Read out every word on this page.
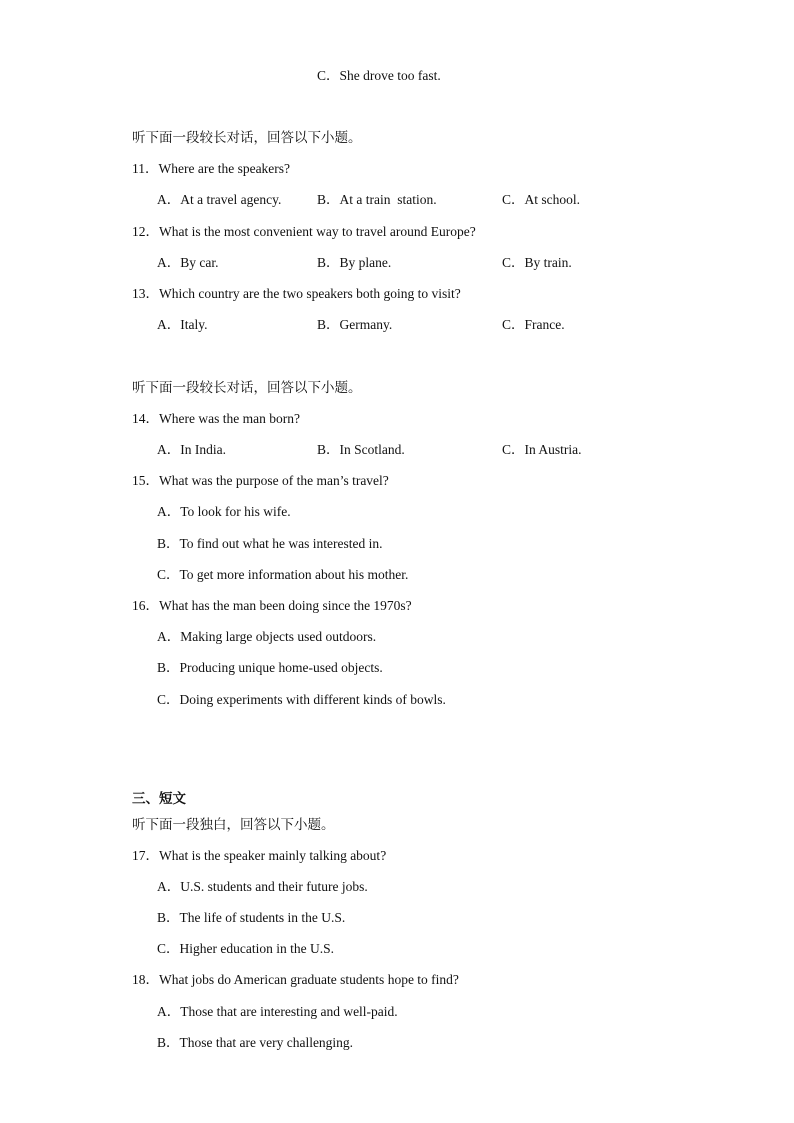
C．She drove too fast.
听下面一段较长对话，回答以下小题。
11．Where are the speakers?
A．At a travel agency.	B．At a train  station.	C．At school.
12．What is the most convenient way to travel around Europe?
A．By car.	B．By plane.	C．By train.
13．Which country are the two speakers both going to visit?
A．Italy.	B．Germany.	C．France.
听下面一段较长对话，回答以下小题。
14．Where was the man born?
A．In India.	B．In Scotland.	C．In Austria.
15．What was the purpose of the man’s travel?
A．To look for his wife.
B．To find out what he was interested in.
C．To get more information about his mother.
16．What has the man been doing since the 1970s?
A．Making large objects used outdoors.
B．Producing unique home-used objects.
C．Doing experiments with different kinds of bowls.
三、短文
听下面一段独白，回答以下小题。
17．What is the speaker mainly talking about?
A．U.S. students and their future jobs.
B．The life of students in the U.S.
C．Higher education in the U.S.
18．What jobs do American graduate students hope to find?
A．Those that are interesting and well-paid.
B．Those that are very challenging.
